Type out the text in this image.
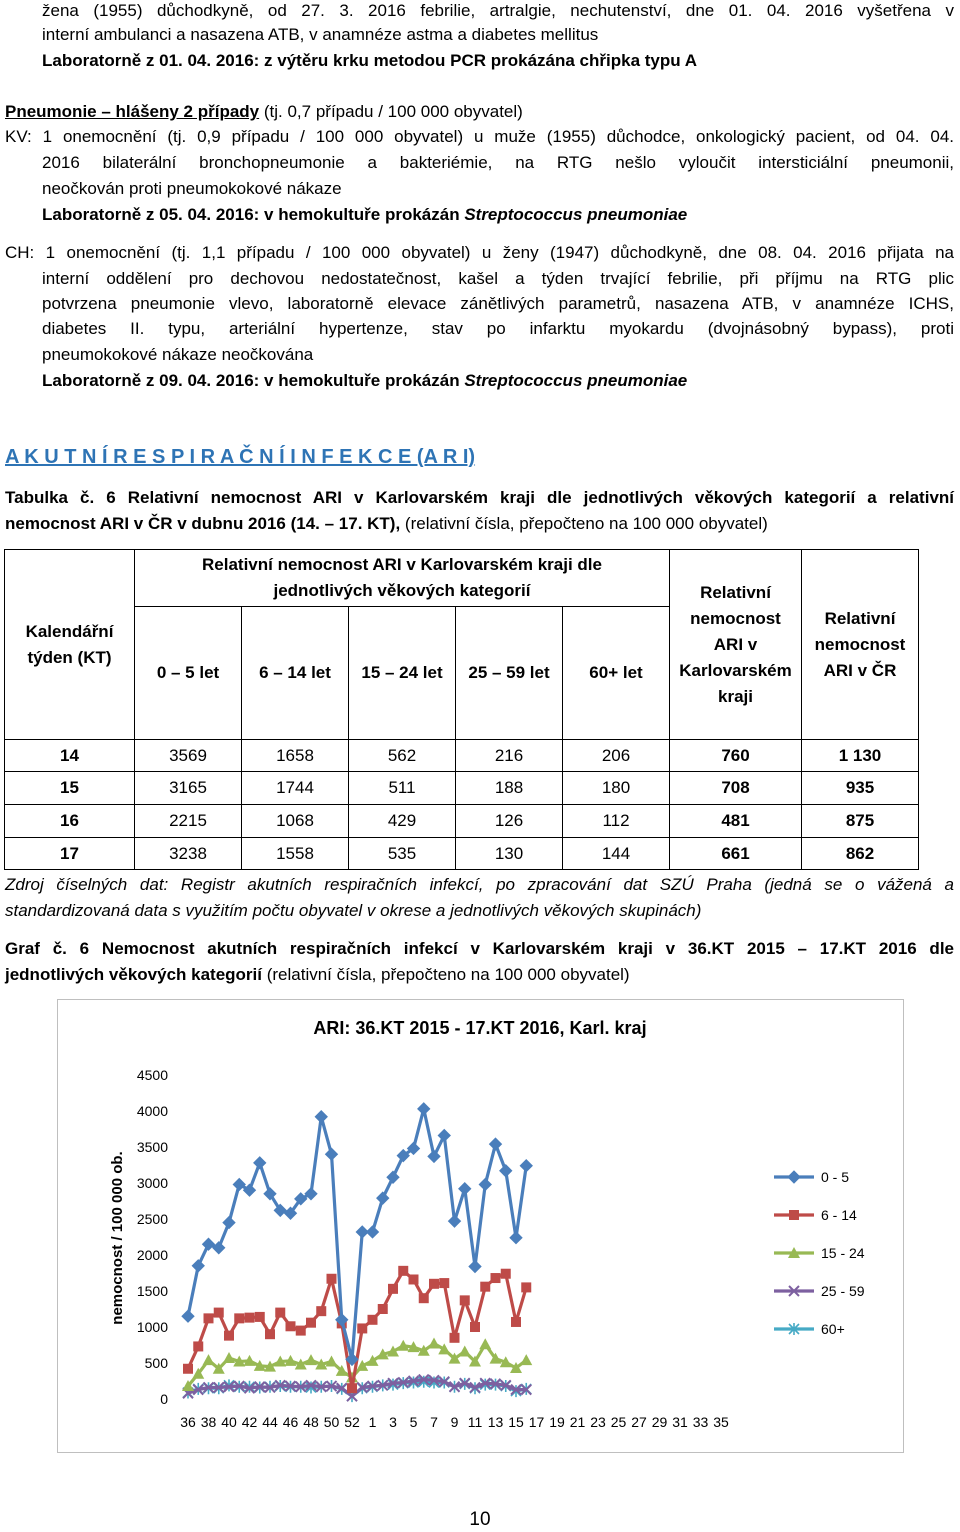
žena (1955) důchodkyně, od 27. 3. 2016 febrilie, artralgie, nechutenství, dne 01. 04. 2016 vyšetřena v
interní ambulanci a nasazena ATB, v anamnéze astma a diabetes mellitus
Laboratorně z 01. 04. 2016: z výtěru krku metodou PCR prokázána chřipka typu A
Pneumonie – hlášeny 2 případy (tj. 0,7 případu / 100 000 obyvatel)
KV: 1 onemocnění (tj. 0,9 případu / 100 000 obyvatel) u muže (1955) důchodce, onkologický pacient, od 04. 04.
2016 bilaterální bronchopneumonie a bakteriémie, na RTG nešlo vyloučit intersticiální pneumonii,
neočkován proti pneumokokové nákaze
Laboratorně z 05. 04. 2016: v hemokultuře prokázán Streptococcus pneumoniae
CH: 1 onemocnění (tj. 1,1 případu / 100 000 obyvatel) u ženy (1947) důchodkyně, dne 08. 04. 2016 přijata na
interní oddělení pro dechovou nedostatečnost, kašel a týden trvající febrilie, při příjmu na RTG plic
potvrzena pneumonie vlevo, laboratorně elevace zánětlivých parametrů, nasazena ATB, v anamnéze ICHS,
diabetes II. typu, arteriální hypertenze, stav po infarktu myokardu (dvojnásobný bypass), proti
pneumokokové nákaze neočkována
Laboratorně z 09. 04. 2016: v hemokultuře prokázán Streptococcus pneumoniae
A K U T N Í R E S P I R A Č N Í I N F E K C E (A R I)
Tabulka č. 6 Relativní nemocnost ARI v Karlovarském kraji dle jednotlivých věkových kategorií a relativní
nemocnost ARI v ČR v dubnu 2016 (14. – 17. KT), (relativní čísla, přepočteno na 100 000 obyvatel)
Kalendářní týden (KT)	Relativní nemocnost ARI v Karlovarském kraji dle jednotlivých věkových kategorií					Relativní nemocnost ARI v Karlovarském kraji	Relativní nemocnost ARI v ČR
	0 – 5 let	6 – 14 let	15 – 24 let	25 – 59 let	60+ let		
14	3569	1658	562	216	206	760	1 130
15	3165	1744	511	188	180	708	935
16	2215	1068	429	126	112	481	875
17	3238	1558	535	130	144	661	862
Zdroj číselných dat: Registr akutních respiračních infekcí, po zpracování dat SZÚ Praha (jedná se o vážená a
standardizovaná data s využitím počtu obyvatel v okrese a jednotlivých věkových skupinách)
Graf č. 6 Nemocnost akutních respiračních infekcí v Karlovarském kraji v 36.KT 2015 – 17.KT 2016 dle
jednotlivých věkových kategorií (relativní čísla, přepočteno na 100 000 obyvatel)
ARI: 36.KT 2015 - 17.KT 2016, Karl. kraj
nemocnost / 100 000 ob.
0
500
1000
1500
2000
2500
3000
3500
4000
4500
36 38 40 42 44 46 48 50 52 1 3 5 7 9 11 13 15 17 19 21 23 25 27 29 31 33 35
0 - 5
6 - 14
15 - 24
25 - 59
60+
10
